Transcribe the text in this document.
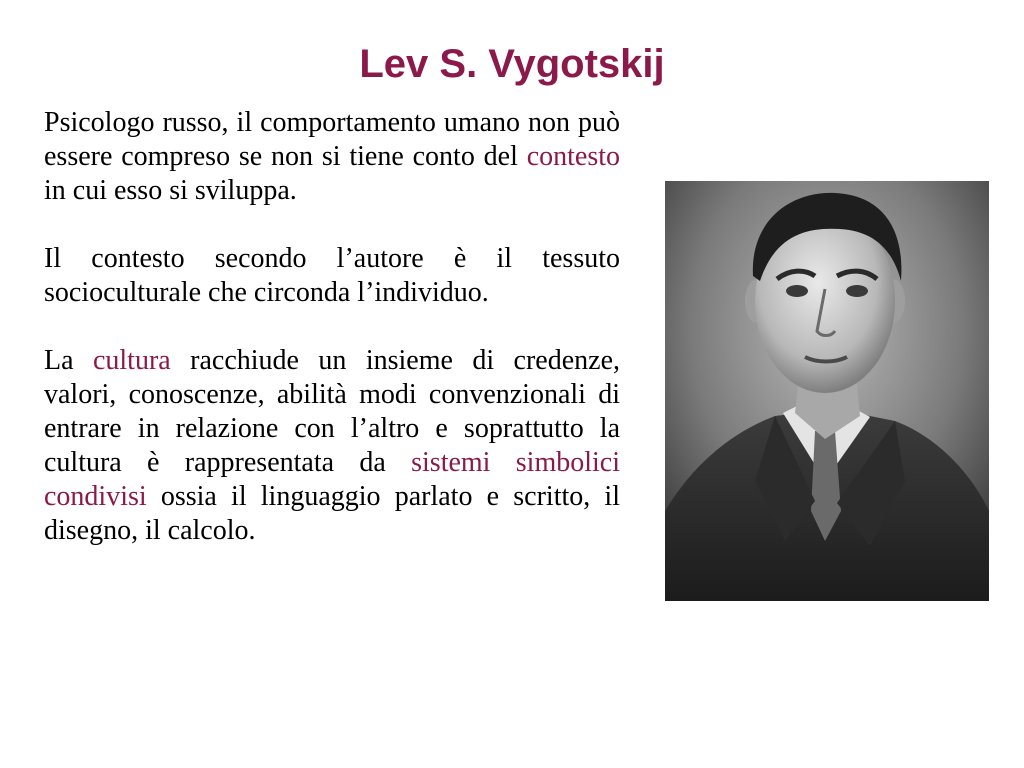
Lev S. Vygotskij

Psicologo russo, il comportamento umano non può essere compreso se non si tiene conto del contesto in cui esso si sviluppa.

Il contesto secondo l’autore è il tessuto socioculturale che circonda l’individuo.

La cultura racchiude un insieme di credenze, valori, conoscenze, abilità modi convenzionali di entrare in relazione con l’altro e soprattutto la cultura è rappresentata da sistemi simbolici condivisi ossia il linguaggio parlato e scritto, il disegno, il calcolo.
